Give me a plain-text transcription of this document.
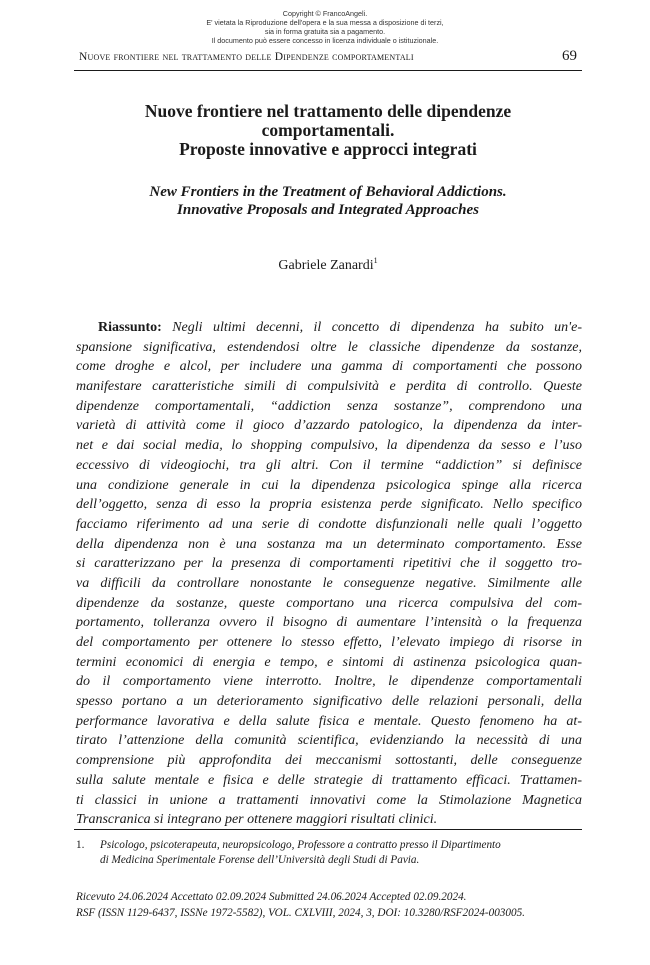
Copyright © FrancoAngeli.
E' vietata la Riproduzione dell'opera e la sua messa a disposizione di terzi,
sia in forma gratuita sia a pagamento.
Il documento può essere concesso in licenza individuale o istituzionale.
Nuove frontiere nel trattamento delle Dipendenze comportamentali	69
Nuove frontiere nel trattamento delle dipendenze
comportamentali.
Proposte innovative e approcci integrati
New Frontiers in the Treatment of Behavioral Addictions.
Innovative Proposals and Integrated Approaches
Gabriele Zanardi$^1$
Riassunto: Negli ultimi decenni, il concetto di dipendenza ha subito un'e-
spansione significativa, estendendosi oltre le classiche dipendenze da sostanze,
come droghe e alcol, per includere una gamma di comportamenti che possono
manifestare caratteristiche simili di compulsività e perdita di controllo. Queste
dipendenze comportamentali, “addiction senza sostanze”, comprendono una
varietà di attività come il gioco d’azzardo patologico, la dipendenza da inter-
net e dai social media, lo shopping compulsivo, la dipendenza da sesso e l’uso
eccessivo di videogiochi, tra gli altri. Con il termine “addiction” si definisce
una condizione generale in cui la dipendenza psicologica spinge alla ricerca
dell’oggetto, senza di esso la propria esistenza perde significato. Nello specifico
facciamo riferimento ad una serie di condotte disfunzionali nelle quali l’oggetto
della dipendenza non è una sostanza ma un determinato comportamento. Esse
si caratterizzano per la presenza di comportamenti ripetitivi che il soggetto tro-
va difficili da controllare nonostante le conseguenze negative. Similmente alle
dipendenze da sostanze, queste comportano una ricerca compulsiva del com-
portamento, tolleranza ovvero il bisogno di aumentare l’intensità o la frequenza
del comportamento per ottenere lo stesso effetto, l’elevato impiego di risorse in
termini economici di energia e tempo, e sintomi di astinenza psicologica quan-
do il comportamento viene interrotto. Inoltre, le dipendenze comportamentali
spesso portano a un deterioramento significativo delle relazioni personali, della
performance lavorativa e della salute fisica e mentale. Questo fenomeno ha at-
tirato l’attenzione della comunità scientifica, evidenziando la necessità di una
comprensione più approfondita dei meccanismi sottostanti, delle conseguenze
sulla salute mentale e fisica e delle strategie di trattamento efficaci. Trattamen-
ti classici in unione a trattamenti innovativi come la Stimolazione Magnetica
Transcranica si integrano per ottenere maggiori risultati clinici.
1.	Psicologo, psicoterapeuta, neuropsicologo, Professore a contratto presso il Dipartimento
di Medicina Sperimentale Forense dell’Università degli Studi di Pavia.
Ricevuto 24.06.2024 Accettato 02.09.2024 Submitted 24.06.2024 Accepted 02.09.2024.
RSF (ISSN 1129-6437, ISSNe 1972-5582), VOL. CXLVIII, 2024, 3, DOI: 10.3280/RSF2024-003005.
